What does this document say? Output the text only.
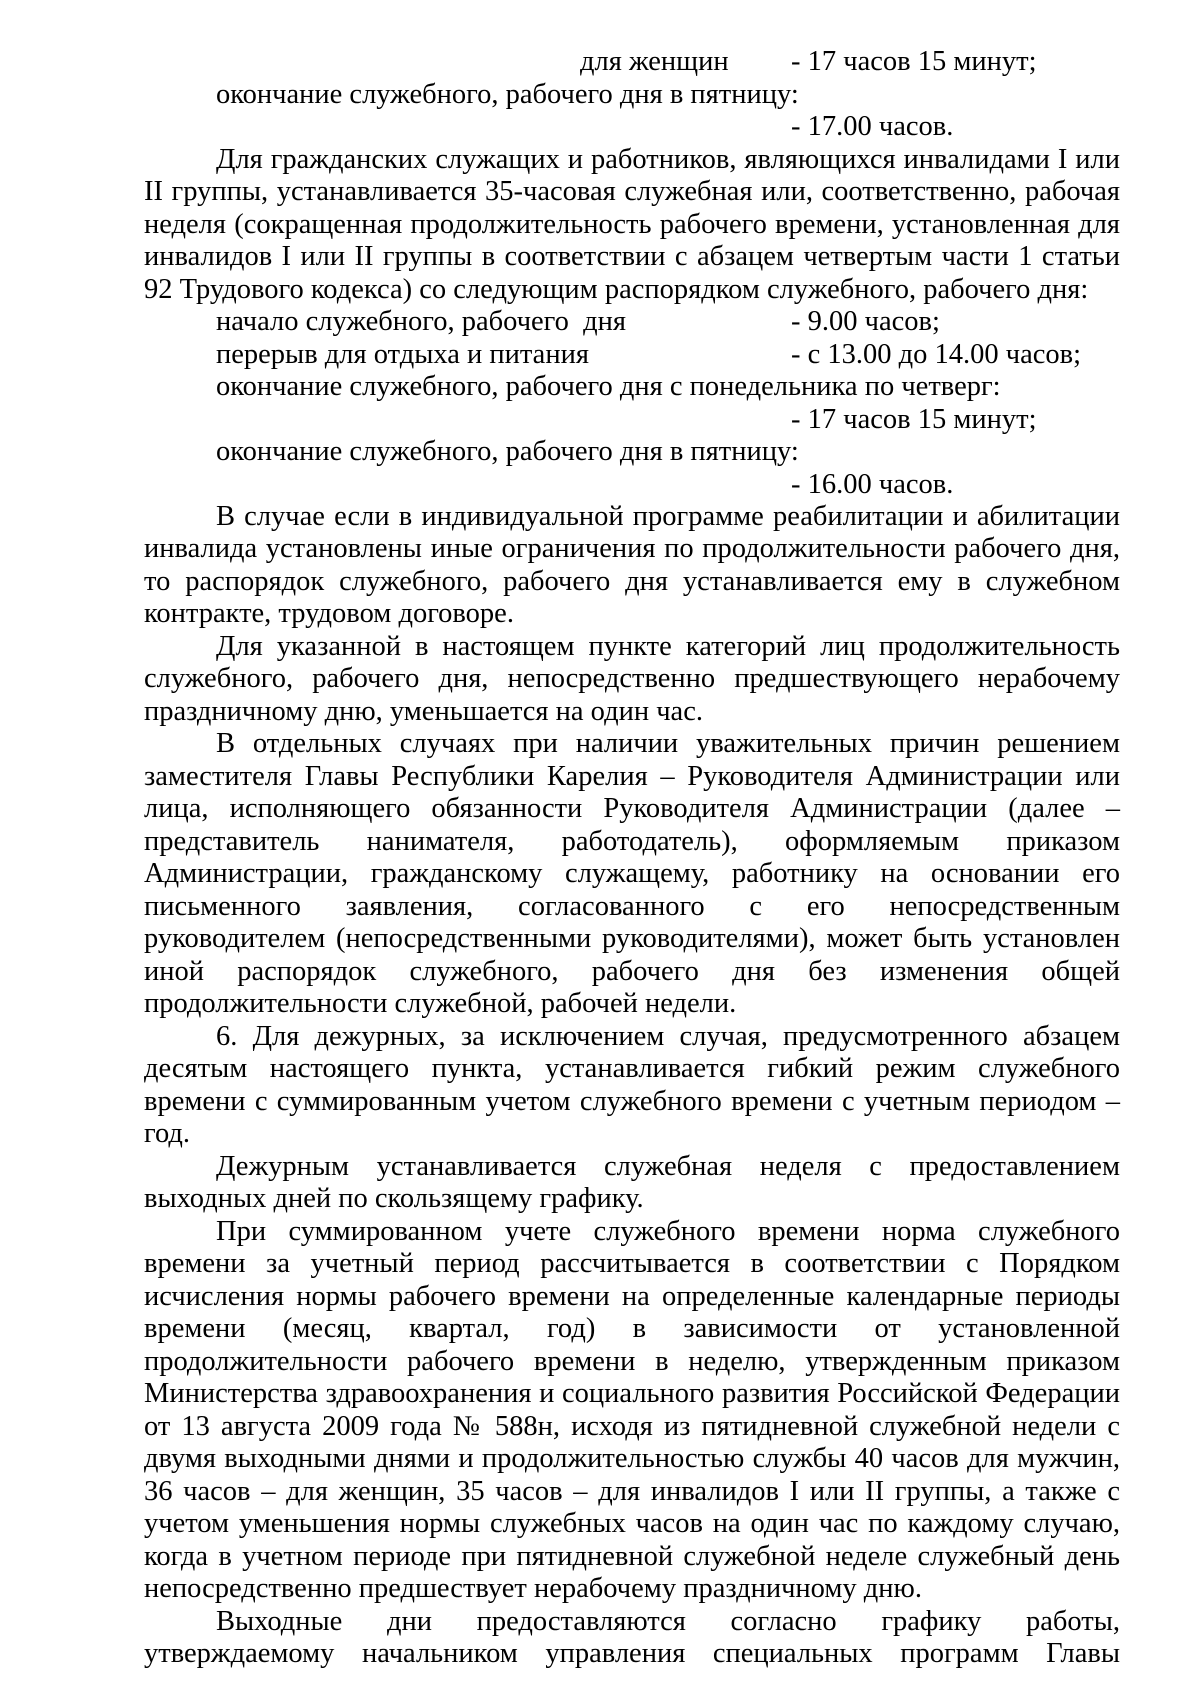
для женщин - 17 часов 15 минут;
окончание служебного, рабочего дня в пятницу:
- 17.00 часов.
Для гражданских служащих и работников, являющихся инвалидами I или
II группы, устанавливается 35-часовая служебная или, соответственно, рабочая
неделя (сокращенная продолжительность рабочего времени, установленная для
инвалидов I или II группы в соответствии с абзацем четвертым части 1 статьи
92 Трудового кодекса) со следующим распорядком служебного, рабочего дня:
начало служебного, рабочего  дня	- 9.00 часов;
перерыв для отдыха и питания	- с 13.00 до 14.00 часов;
окончание служебного, рабочего дня с понедельника по четверг:
- 17 часов 15 минут;
окончание служебного, рабочего дня в пятницу:
- 16.00 часов.
В случае если в индивидуальной программе реабилитации и абилитации
инвалида установлены иные ограничения по продолжительности рабочего дня,
то распорядок служебного, рабочего дня устанавливается ему в служебном
контракте, трудовом договоре.
Для указанной в настоящем пункте категорий лиц продолжительность
служебного, рабочего дня, непосредственно предшествующего нерабочему
праздничному дню, уменьшается на один час.
В отдельных случаях при наличии уважительных причин решением
заместителя Главы Республики Карелия – Руководителя Администрации или
лица, исполняющего обязанности Руководителя Администрации (далее –
представитель нанимателя, работодатель), оформляемым приказом
Администрации, гражданскому служащему, работнику на основании его
письменного заявления, согласованного с его непосредственным
руководителем (непосредственными руководителями), может быть установлен
иной распорядок служебного, рабочего дня без изменения общей
продолжительности служебной, рабочей недели.
6. Для дежурных, за исключением случая, предусмотренного абзацем
десятым настоящего пункта, устанавливается гибкий режим служебного
времени с суммированным учетом служебного времени с учетным периодом –
год.
Дежурным устанавливается служебная неделя с предоставлением
выходных дней по скользящему графику.
При суммированном учете служебного времени норма служебного
времени за учетный период рассчитывается в соответствии с Порядком
исчисления нормы рабочего времени на определенные календарные периоды
времени (месяц, квартал, год) в зависимости от установленной
продолжительности рабочего времени в неделю, утвержденным приказом
Министерства здравоохранения и социального развития Российской Федерации
от 13 августа 2009 года № 588н, исходя из пятидневной служебной недели с
двумя выходными днями и продолжительностью службы 40 часов для мужчин,
36 часов – для женщин, 35 часов – для инвалидов I или II группы, а также с
учетом уменьшения нормы служебных часов на один час по каждому случаю,
когда в учетном периоде при пятидневной служебной неделе служебный день
непосредственно предшествует нерабочему праздничному дню.
Выходные дни предоставляются согласно графику работы,
утверждаемому начальником управления специальных программ Главы
